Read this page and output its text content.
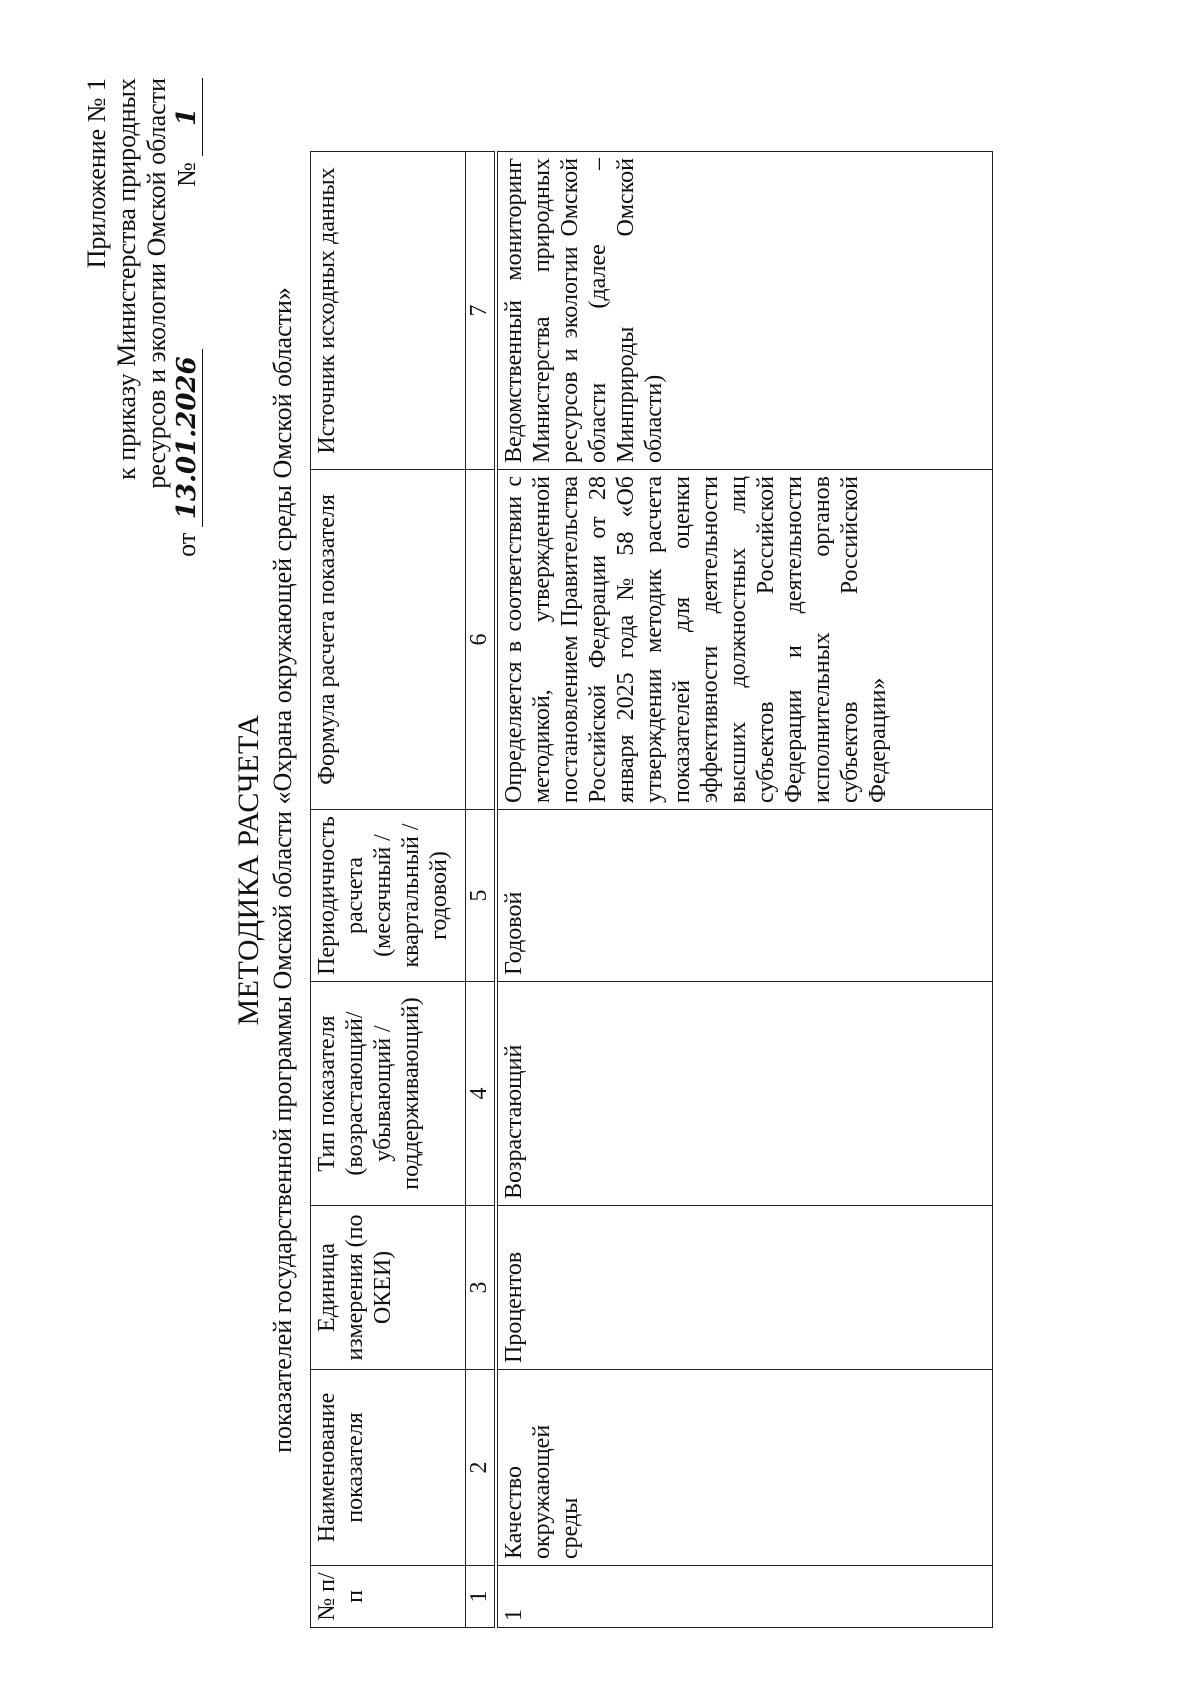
Приложение № 1 к приказу Министерства природных ресурсов и экологии Омской области
от
13.01.2026
№
1
МЕТОДИКА РАСЧЕТА показателей государственной программы Омской области «Охрана окружающей среды Омской области»
№ п/п	Наименование показателя	Единица измерения (по ОКЕИ)	Тип показателя (возрастающий/ убывающий / поддерживающий)	Периодичность расчета (месячный / квартальный / годовой)	Формула расчета показателя	Источник исходных данных
1	2	3	4	5	6	7
1	Качество окружающей среды	Процентов	Возрастающий	Годовой	Определяется в соответствии с методикой, утвержденной постановлением Правительства Российской Федерации от 28 января 2025 года № 58 «Об утверждении методик расчета показателей для оценки эффективности деятельности высших должностных лиц субъектов Российской Федерации и деятельности исполнительных органов субъектов Российской Федерации»	Ведомственный мониторинг Министерства природных ресурсов и экологии Омской области (далее – Минприроды Омской области)
